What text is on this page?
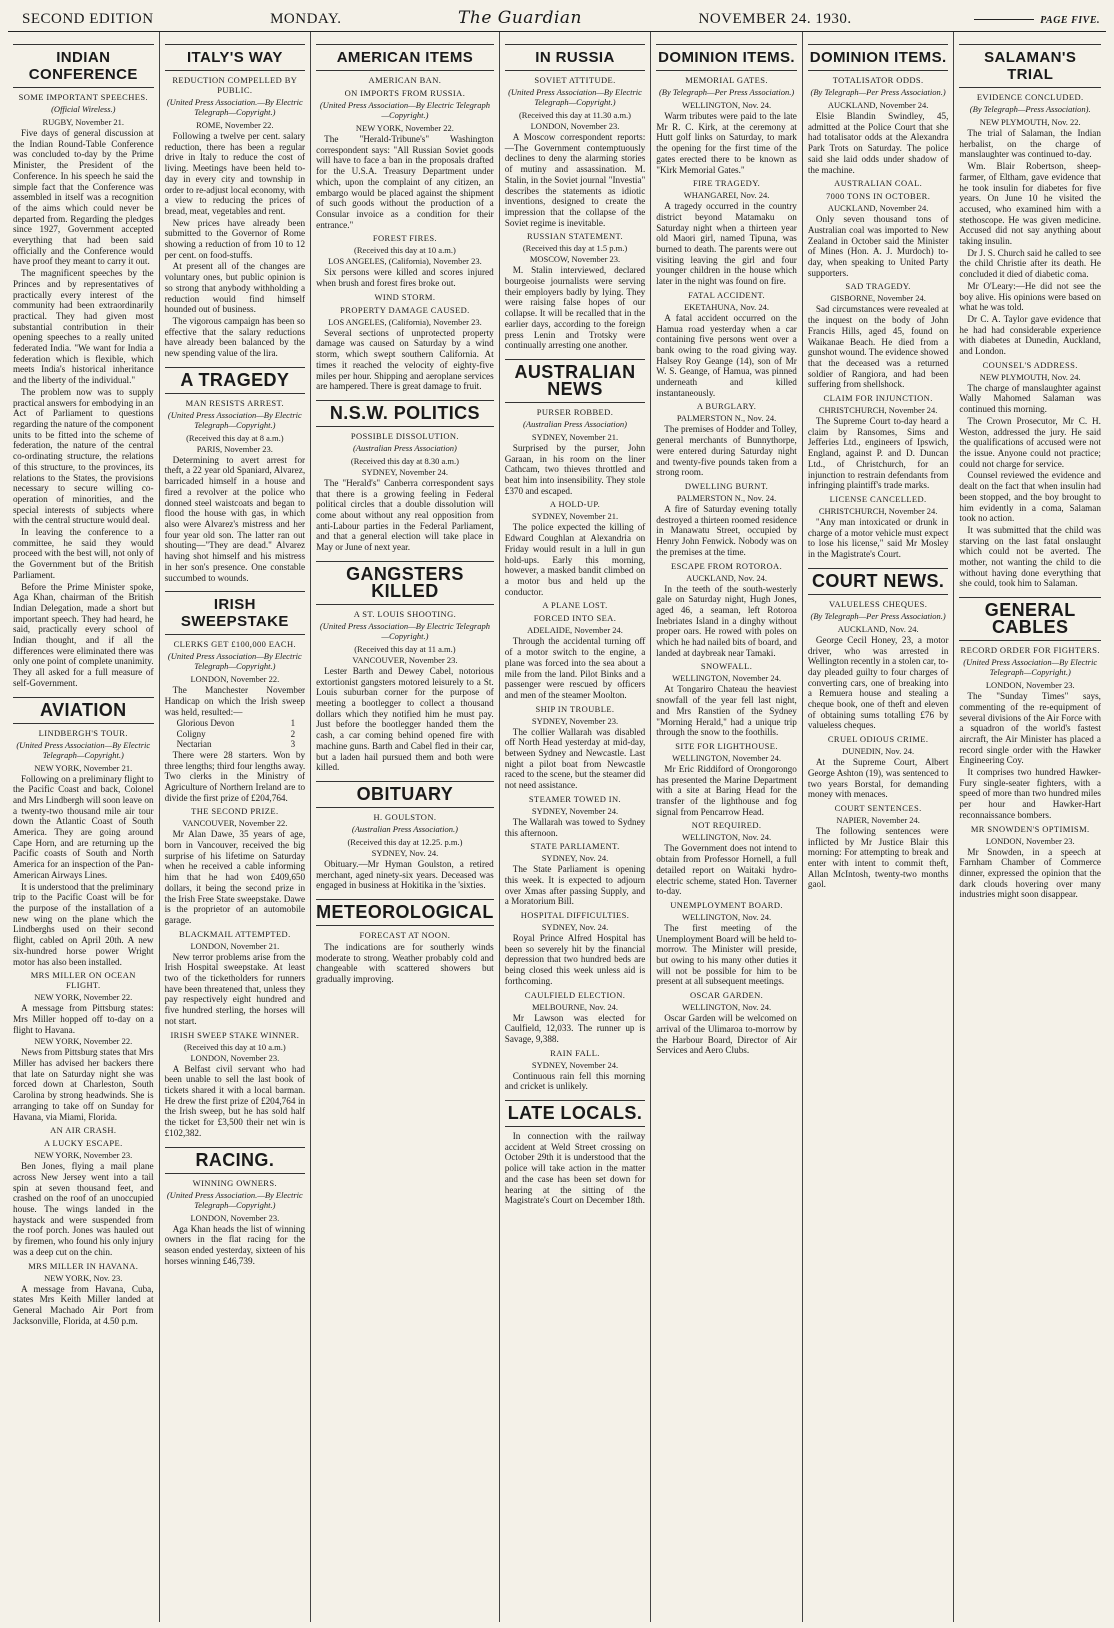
SECOND EDITION	MONDAY.	The Guardian	NOVEMBER 24. 1930.	PAGE FIVE.
INDIAN CONFERENCE
SOME IMPORTANT SPEECHES.
(Official Wireless.)
RUGBY, November 21.

Five days of general discussion at the Indian Round-Table Conference was concluded to-day by the Prime Minister, the President of the Conference. In his speech he said the simple fact that the Conference was assembled in itself was a recognition of the aims which could never be departed from. Regarding the pledges since 1927, Government accepted everything that had been said officially and the Conference would have proof they meant to carry it out.

The magnificent speeches by the Princes and by representatives of practically every interest of the community had been extraordinarily practical. They had given most substantial contribution in their opening speeches to a really united federated India. "We want for India a federation which is flexible, which meets India's historical inheritance and the liberty of the individual."

The problem now was to supply practical answers for embodying in an Act of Parliament to questions regarding the nature of the component units to be fitted into the scheme of federation, the nature of the central co-ordinating structure, the relations of this structure, to the provinces, its relations to the States, the provisions necessary to secure willing co-operation of minorities, and the special interests of subjects where with the central structure would deal.

In leaving the conference to a committee, he said they would proceed with the best will, not only of the Government but of the British Parliament.

Before the Prime Minister spoke, Aga Khan, chairman of the British Indian Delegation, made a short but important speech. They had heard, he said, practically every school of Indian thought, and if all the differences were eliminated there was only one point of complete unanimity. They all asked for a full measure of self-Government.

AVIATION
LINDBERGH'S TOUR.
(United Press Association—By Electric Telegraph—Copyright.)
NEW YORK, November 21.

Following on a preliminary flight to the Pacific Coast and back, Colonel and Mrs Lindbergh will soon leave on a twenty-two thousand mile air tour down the Atlantic Coast of South America. They are going around Cape Horn, and are returning up the Pacific coasts of South and North America for an inspection of the Pan-American Airways Lines.

It is understood that the preliminary trip to the Pacific Coast will be for the purpose of the installation of a new wing on the plane which the Lindberghs used on their second flight, cabled on April 20th. A new six-hundred horse power Wright motor has also been installed.

MRS MILLER ON OCEAN FLIGHT.
NEW YORK, November 22.

A message from Pittsburg states: Mrs Miller hopped off to-day on a flight to Havana.

NEW YORK, November 22.

News from Pittsburg states that Mrs Miller has advised her backers there that late on Saturday night she was forced down at Charleston, South Carolina by strong headwinds. She is arranging to take off on Sunday for Havana, via Miami, Florida.

AN AIR CRASH.
A LUCKY ESCAPE.
NEW YORK, November 23.

Ben Jones, flying a mail plane across New Jersey went into a tail spin at seven thousand feet, and crashed on the roof of an unoccupied house. The wings landed in the haystack and were suspended from the roof porch. Jones was hauled out by firemen, who found his only injury was a deep cut on the chin.

MRS MILLER IN HAVANA.
NEW YORK, Nov. 23.

A message from Havana, Cuba, states Mrs Keith Miller landed at General Machado Air Port from Jacksonville, Florida, at 4.50 p.m.

ITALY'S WAY
REDUCTION COMPELLED BY PUBLIC.
(United Press Association.—By Electric Telegraph—Copyright.)
ROME, November 22.

Following a twelve per cent. salary reduction, there has been a regular drive in Italy to reduce the cost of living. Meetings have been held to-day in every city and township in order to re-adjust local economy, with a view to reducing the prices of bread, meat, vegetables and rent.

New prices have already been submitted to the Governor of Rome showing a reduction of from 10 to 12 per cent. on food-stuffs.

At present all of the changes are voluntary ones, but public opinion is so strong that anybody withholding a reduction would find himself hounded out of business.

The vigorous campaign has been so effective that the salary reductions have already been balanced by the new spending value of the lira.

A TRAGEDY
MAN RESISTS ARREST.
(United Press Association—By Electric Telegraph—Copyright.)
(Received this day at 8 a.m.)
PARIS, November 23.

Determining to avert arrest for theft, a 22 year old Spaniard, Alvarez, barricaded himself in a house and fired a revolver at the police who donned steel waistcoats and began to flood the house with gas, in which also were Alvarez's mistress and her four year old son. The latter ran out shouting—"They are dead." Alvarez having shot himself and his mistress in her son's presence. One constable succumbed to wounds.

IRISH SWEEPSTAKE
CLERKS GET £100,000 EACH.
(United Press Association—By Electric Telegraph—Copyright.)
LONDON, November 22.

The Manchester November Handicap on which the Irish sweep was held, resulted:—

Glorious Devon	1
Coligny	2
Nectarian	3

There were 28 starters. Won by three lengths; third four lengths away. Two clerks in the Ministry of Agriculture of Northern Ireland are to divide the first prize of £204,764.

THE SECOND PRIZE.
VANCOUVER, November 22.

Mr Alan Dawe, 35 years of age, born in Vancouver, received the big surprise of his lifetime on Saturday when he received a cable informing him that he had won £409,650 dollars, it being the second prize in the Irish Free State sweepstake. Dawe is the proprietor of an automobile garage.

BLACKMAIL ATTEMPTED.
LONDON, November 21.

New terror problems arise from the Irish Hospital sweepstake. At least two of the ticketholders for runners have been threatened that, unless they pay respectively eight hundred and five hundred sterling, the horses will not start.

IRISH SWEEP STAKE WINNER.
(Received this day at 10 a.m.)
LONDON, November 23.

A Belfast civil servant who had been unable to sell the last book of tickets shared it with a local barman. He drew the first prize of £204,764 in the Irish sweep, but he has sold half the ticket for £3,500 their net win is £102,382.

RACING.
WINNING OWNERS.
(United Press Association.—By Electric Telegraph—Copyright.)
LONDON, November 23.

Aga Khan heads the list of winning owners in the flat racing for the season ended yesterday, sixteen of his horses winning £46,739.

AMERICAN ITEMS
AMERICAN BAN.
ON IMPORTS FROM RUSSIA.
(United Press Association—By Electric Telegraph—Copyright.)
NEW YORK, November 22.

The "Herald-Tribune's" Washington correspondent says: "All Russian Soviet goods will have to face a ban in the proposals drafted for the U.S.A. Treasury Department under which, upon the complaint of any citizen, an embargo would be placed against the shipment of such goods without the production of a Consular invoice as a condition for their entrance."

FOREST FIRES.
(Received this day at 10 a.m.)
LOS ANGELES, (California), November 23.

Six persons were killed and scores injured when brush and forest fires broke out.

WIND STORM.
PROPERTY DAMAGE CAUSED.
LOS ANGELES, (California), November 23.

Several sections of unprotected property damage was caused on Saturday by a wind storm, which swept southern California. At times it reached the velocity of eighty-five miles per hour. Shipping and aeroplane services are hampered. There is great damage to fruit.

N.S.W. POLITICS
POSSIBLE DISSOLUTION.
(Australian Press Association)
(Received this day at 8.30 a.m.)
SYDNEY, November 24.

The "Herald's" Canberra correspondent says that there is a growing feeling in Federal political circles that a double dissolution will come about without any real opposition from anti-Labour parties in the Federal Parliament, and that a general election will take place in May or June of next year.

GANGSTERS KILLED
A ST. LOUIS SHOOTING.
(United Press Association—By Electric Telegraph—Copyright.)
(Received this day at 11 a.m.)
VANCOUVER, November 23.

Lester Barth and Dewey Cabel, notorious extortionist gangsters motored leisurely to a St. Louis suburban corner for the purpose of meeting a bootlegger to collect a thousand dollars which they notified him he must pay. Just before the bootlegger handed them the cash, a car coming behind opened fire with machine guns. Barth and Cabel fled in their car, but a laden hail pursued them and both were killed.

OBITUARY
H. GOULSTON.
(Australian Press Association.)
(Received this day at 12.25. p.m.)
SYDNEY, Nov. 24.

Obituary.—Mr Hyman Goulston, a retired merchant, aged ninety-six years. Deceased was engaged in business at Hokitika in the 'sixties.

METEOROLOGICAL
FORECAST AT NOON.

The indications are for southerly winds moderate to strong. Weather probably cold and changeable with scattered showers but gradually improving.

IN RUSSIA
SOVIET ATTITUDE.
(United Press Association—By Electric Telegraph—Copyright.)
(Received this day at 11.30 a.m.)
LONDON, November 23.

A Moscow correspondent reports:—The Government contemptuously declines to deny the alarming stories of mutiny and assassination. M. Stalin, in the Soviet journal "Investia" describes the statements as idiotic inventions, designed to create the impression that the collapse of the Soviet regime is inevitable.

RUSSIAN STATEMENT.
(Received this day at 1.5 p.m.)
MOSCOW, November 23.

M. Stalin interviewed, declared bourgeoise journalists were serving their employers badly by lying. They were raising false hopes of our collapse. It will be recalled that in the earlier days, according to the foreign press Lenin and Trotsky were continually arresting one another.

AUSTRALIAN NEWS
PURSER ROBBED.
(Australian Press Association)
SYDNEY, November 21.

Surprised by the purser, John Garaan, in his room on the liner Cathcam, two thieves throttled and beat him into insensibility. They stole £370 and escaped.

A HOLD-UP.
SYDNEY, November 21.

The police expected the killing of Edward Coughlan at Alexandria on Friday would result in a lull in gun hold-ups. Early this morning, however, a masked bandit climbed on a motor bus and held up the conductor.

A PLANE LOST.
FORCED INTO SEA.
ADELAIDE, November 24.

Through the accidental turning off of a motor switch to the engine, a plane was forced into the sea about a mile from the land. Pilot Binks and a passenger were rescued by officers and men of the steamer Moolton.

SHIP IN TROUBLE.
SYDNEY, November 23.

The collier Wallarah was disabled off North Head yesterday at mid-day, between Sydney and Newcastle. Last night a pilot boat from Newcastle raced to the scene, but the steamer did not need assistance.

STEAMER TOWED IN.
SYDNEY, November 24.

The Wallarah was towed to Sydney this afternoon.

STATE PARLIAMENT.
SYDNEY, Nov. 24.

The State Parliament is opening this week. It is expected to adjourn over Xmas after passing Supply, and a Moratorium Bill.

HOSPITAL DIFFICULTIES.
SYDNEY, Nov. 24.

Royal Prince Alfred Hospital has been so severely hit by the financial depression that two hundred beds are being closed this week unless aid is forthcoming.

CAULFIELD ELECTION.
MELBOURNE, Nov. 24.

Mr Lawson was elected for Caulfield, 12,033. The runner up is Savage, 9,388.

RAIN FALL.
SYDNEY, November 24.

Continuous rain fell this morning and cricket is unlikely.

LATE LOCALS.

In connection with the railway accident at Weld Street crossing on October 29th it is understood that the police will take action in the matter and the case has been set down for hearing at the sitting of the Magistrate's Court on December 18th.

DOMINION ITEMS.
MEMORIAL GATES.
(By Telegraph—Per Press Association.)
WELLINGTON, Nov. 24.

Warm tributes were paid to the late Mr R. C. Kirk, at the ceremony at Hutt golf links on Saturday, to mark the opening for the first time of the gates erected there to be known as "Kirk Memorial Gates."

FIRE TRAGEDY.
WHANGAREI, Nov. 24.

A tragedy occurred in the country district beyond Matamaku on Saturday night when a thirteen year old Maori girl, named Tipuna, was burned to death. The parents were out visiting leaving the girl and four younger children in the house which later in the night was found on fire.

FATAL ACCIDENT.
EKETAHUNA, Nov. 24.

A fatal accident occurred on the Hamua road yesterday when a car containing five persons went over a bank owing to the road giving way. Halsey Roy Geange (14), son of Mr W. S. Geange, of Hamua, was pinned underneath and killed instantaneously.

A BURGLARY.
PALMERSTON N., Nov. 24.

The premises of Hodder and Tolley, general merchants of Bunnythorpe, were entered during Saturday night and twenty-five pounds taken from a strong room.

DWELLING BURNT.
PALMERSTON N., Nov. 24.

A fire of Saturday evening totally destroyed a thirteen roomed residence in Manawatu Street, occupied by Henry John Fenwick. Nobody was on the premises at the time.

ESCAPE FROM ROTOROA.
AUCKLAND, Nov. 24.

In the teeth of the south-westerly gale on Saturday night, Hugh Jones, aged 46, a seaman, left Rotoroa Inebriates Island in a dinghy without proper oars. He rowed with poles on which he had nailed bits of board, and landed at daybreak near Tamaki.

SNOWFALL.
WELLINGTON, November 24.

At Tongariro Chateau the heaviest snowfall of the year fell last night, and Mrs Ranstien of the Sydney "Morning Herald," had a unique trip through the snow to the foothills.

SITE FOR LIGHTHOUSE.
WELLINGTON, November 24.

Mr Eric Riddiford of Orongorongo has presented the Marine Department with a site at Baring Head for the transfer of the lighthouse and fog signal from Pencarrow Head.

NOT REQUIRED.
WELLINGTON, Nov. 24.

The Government does not intend to obtain from Professor Hornell, a full detailed report on Waitaki hydro-electric scheme, stated Hon. Taverner to-day.

UNEMPLOYMENT BOARD.
WELLINGTON, Nov. 24.

The first meeting of the Unemployment Board will be held to-morrow. The Minister will preside, but owing to his many other duties it will not be possible for him to be present at all subsequent meetings.

OSCAR GARDEN.
WELLINGTON, Nov. 24.

Oscar Garden will be welcomed on arrival of the Ulimaroa to-morrow by the Harbour Board, Director of Air Services and Aero Clubs.

DOMINION ITEMS.
TOTALISATOR ODDS.
(By Telegraph—Per Press Association.)
AUCKLAND, November 24.

Elsie Blandin Swindley, 45, admitted at the Police Court that she had totalisator odds at the Alexandra Park Trots on Saturday. The police said she laid odds under shadow of the machine.

AUSTRALIAN COAL.
7000 TONS IN OCTOBER.
AUCKLAND, November 24.

Only seven thousand tons of Australian coal was imported to New Zealand in October said the Minister of Mines (Hon. A. J. Murdoch) to-day, when speaking to United Party supporters.

SAD TRAGEDY.
GISBORNE, November 24.

Sad circumstances were revealed at the inquest on the body of John Francis Hills, aged 45, found on Waikanae Beach. He died from a gunshot wound. The evidence showed that the deceased was a returned soldier of Rangiora, and had been suffering from shellshock.

CLAIM FOR INJUNCTION.
CHRISTCHURCH, November 24.

The Supreme Court to-day heard a claim by Ransomes, Sims and Jefferies Ltd., engineers of Ipswich, England, against P. and D. Duncan Ltd., of Christchurch, for an injunction to restrain defendants from infringing plaintiff's trade marks.

LICENSE CANCELLED.
CHRISTCHURCH, November 24.

"Any man intoxicated or drunk in charge of a motor vehicle must expect to lose his license," said Mr Mosley in the Magistrate's Court.

COURT NEWS.
VALUELESS CHEQUES.
(By Telegraph—Per Press Association.)
AUCKLAND, Nov. 24.

George Cecil Honey, 23, a motor driver, who was arrested in Wellington recently in a stolen car, to-day pleaded guilty to four charges of converting cars, one of breaking into a Remuera house and stealing a cheque book, one of theft and eleven of obtaining sums totalling £76 by valueless cheques.

CRUEL ODIOUS CRIME.
DUNEDIN, Nov. 24.

At the Supreme Court, Albert George Ashton (19), was sentenced to two years Borstal, for demanding money with menaces.

COURT SENTENCES.
NAPIER, November 24.

The following sentences were inflicted by Mr Justice Blair this morning: For attempting to break and enter with intent to commit theft, Allan McIntosh, twenty-two months gaol.

SALAMAN'S TRIAL
EVIDENCE CONCLUDED.
(By Telegraph—Press Association).
NEW PLYMOUTH, Nov. 22.

The trial of Salaman, the Indian herbalist, on the charge of manslaughter was continued to-day.

Wm. Blair Robertson, sheep-farmer, of Eltham, gave evidence that he took insulin for diabetes for five years. On June 10 he visited the accused, who examined him with a stethoscope. He was given medicine. Accused did not say anything about taking insulin.

Dr J. S. Church said he called to see the child Christie after its death. He concluded it died of diabetic coma.

Mr O'Leary:—He did not see the boy alive. His opinions were based on what he was told.

Dr C. A. Taylor gave evidence that he had had considerable experience with diabetes at Dunedin, Auckland, and London.

COUNSEL'S ADDRESS.
NEW PLYMOUTH, Nov. 24.

The charge of manslaughter against Wally Mahomed Salaman was continued this morning.

The Crown Prosecutor, Mr C. H. Weston, addressed the jury. He said the qualifications of accused were not the issue. Anyone could not practice; could not charge for service.

Counsel reviewed the evidence and dealt on the fact that when insulin had been stopped, and the boy brought to him evidently in a coma, Salaman took no action.

It was submitted that the child was starving on the last fatal onslaught which could not be averted. The mother, not wanting the child to die without having done everything that she could, took him to Salaman.

GENERAL CABLES
RECORD ORDER FOR FIGHTERS.
(United Press Association—By Electric Telegraph—Copyright.)
LONDON, November 23.

The "Sunday Times" says, commenting of the re-equipment of several divisions of the Air Force with a squadron of the world's fastest aircraft, the Air Minister has placed a record single order with the Hawker Engineering Coy.

It comprises two hundred Hawker-Fury single-seater fighters, with a speed of more than two hundred miles per hour and Hawker-Hart reconnaissance bombers.

MR SNOWDEN'S OPTIMISM.
LONDON, November 23.

Mr Snowden, in a speech at Farnham Chamber of Commerce dinner, expressed the opinion that the dark clouds hovering over many industries might soon disappear.
